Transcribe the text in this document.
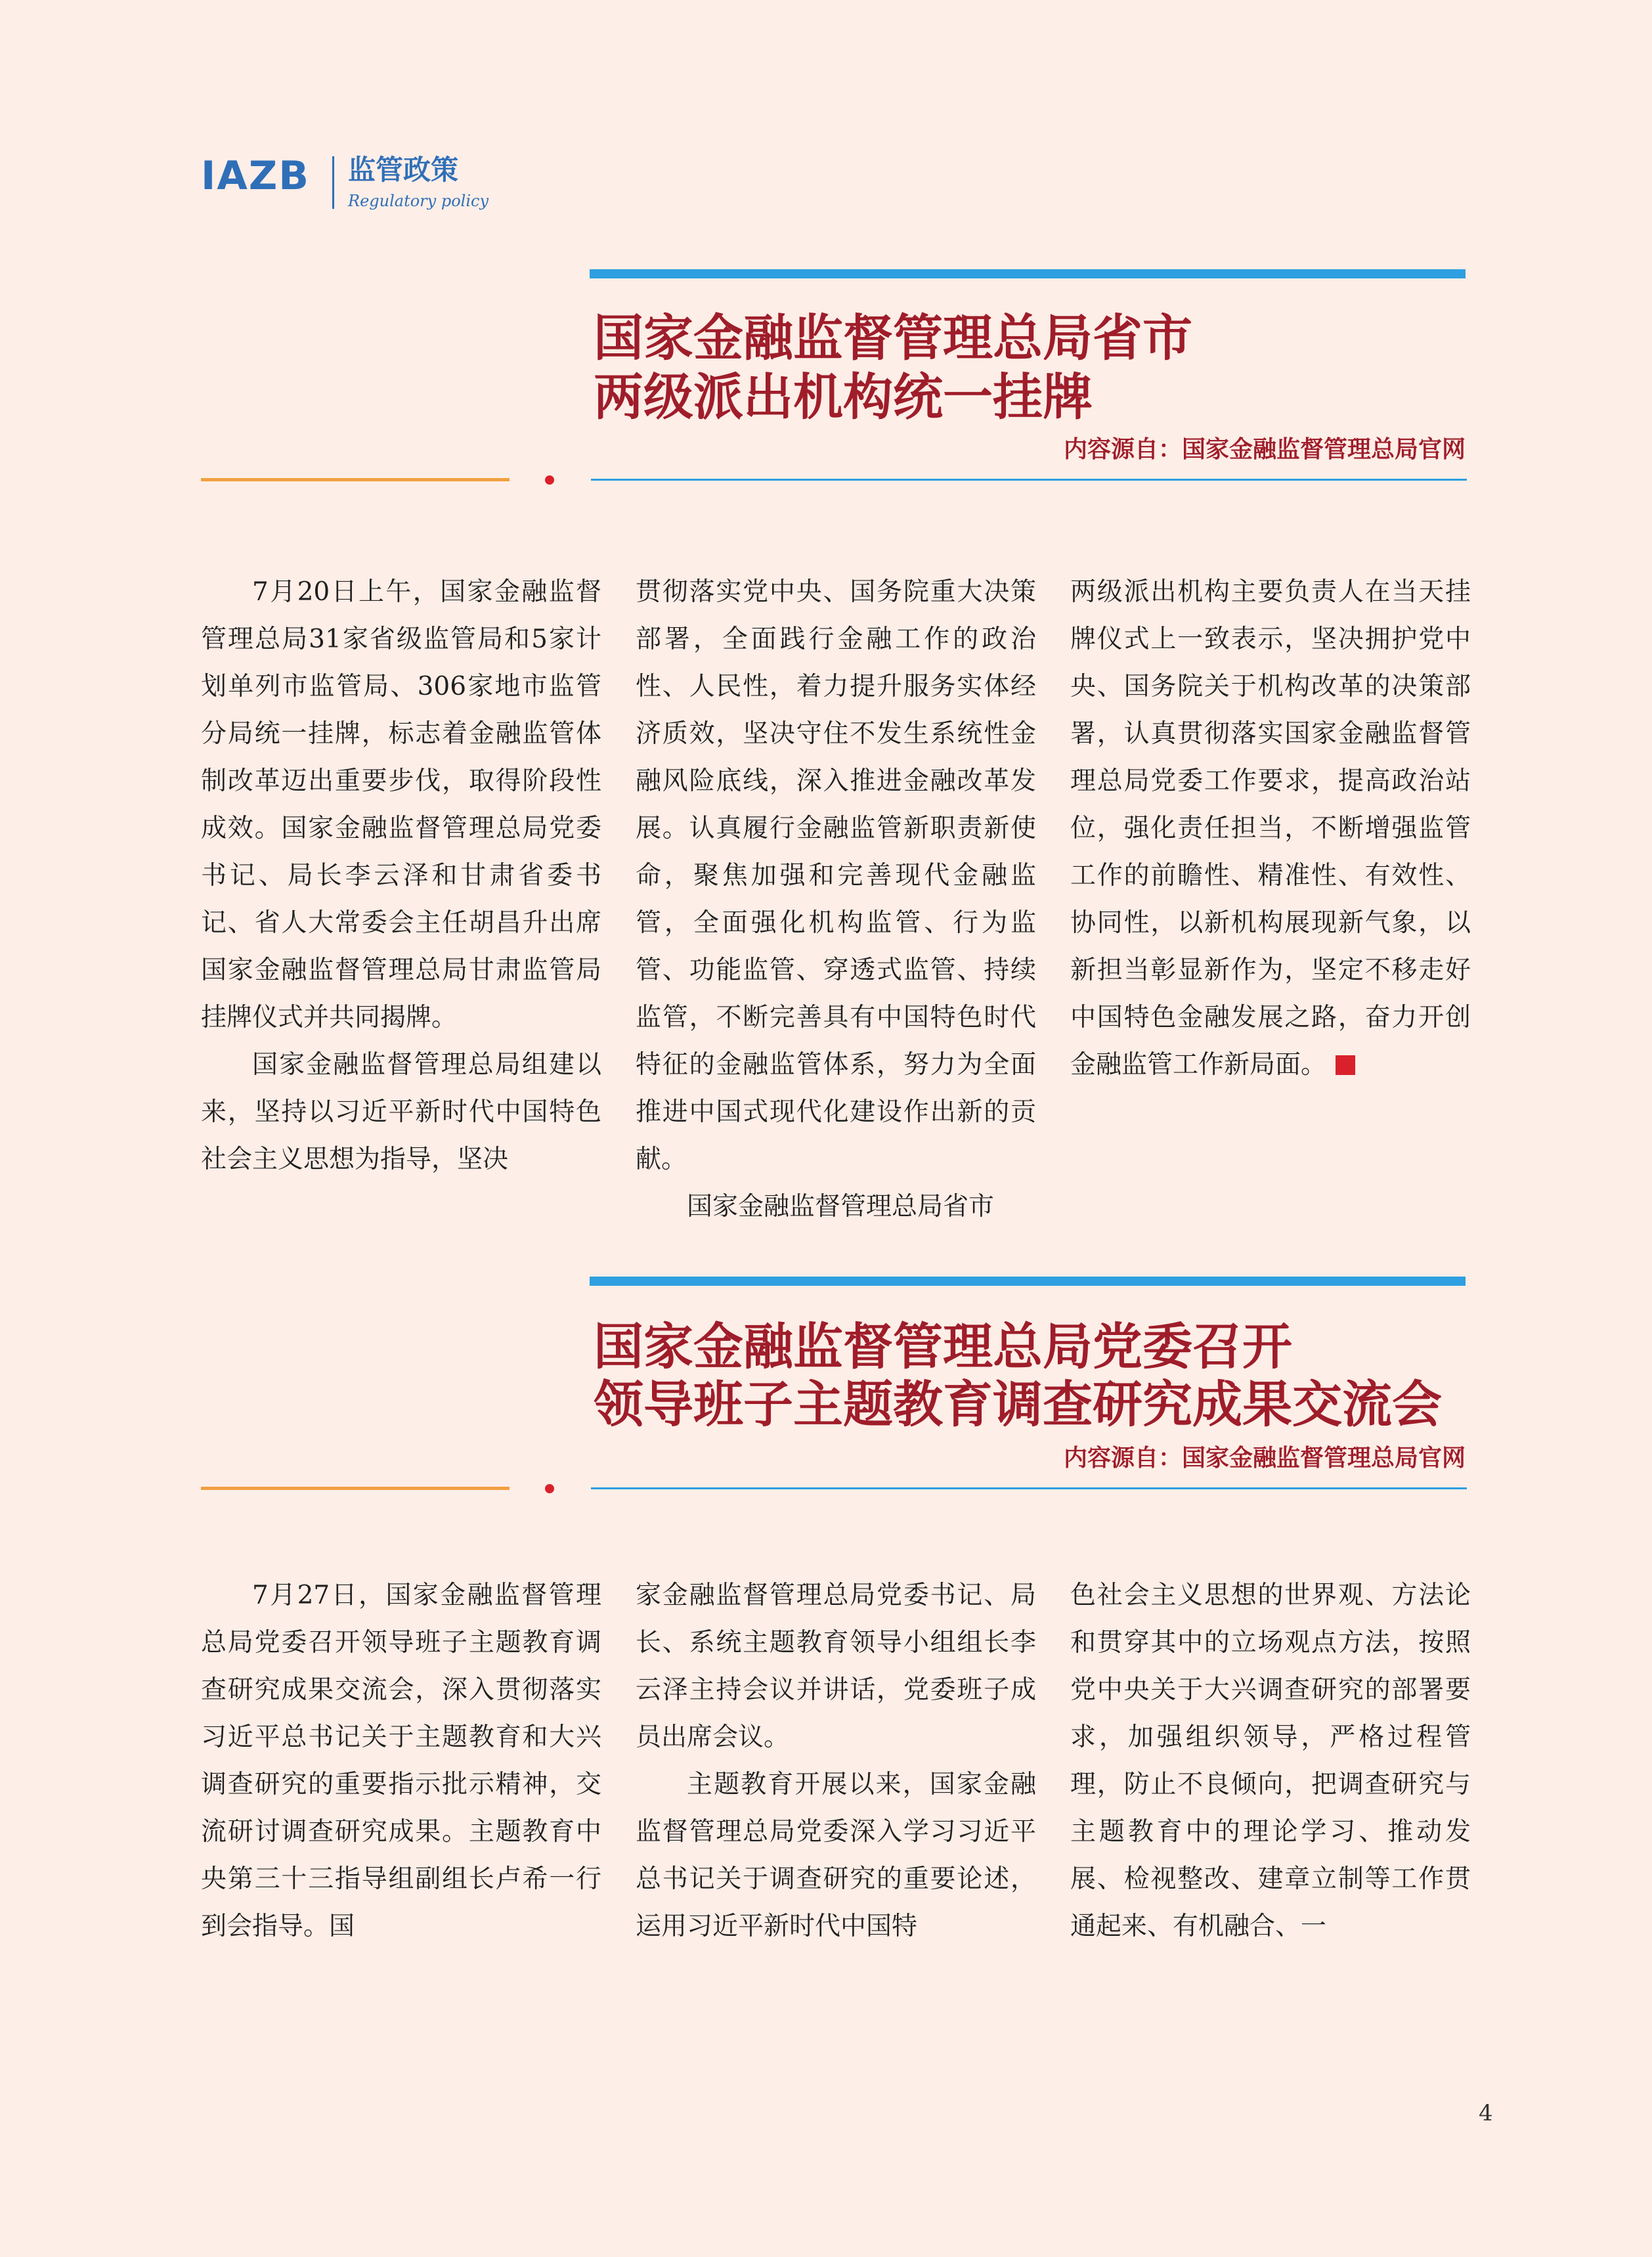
IAZB 监管政策
Regulatory policy
国家金融监督管理总局省市
两级派出机构统一挂牌
内容源自：国家金融监督管理总局官网

7月20日上午，国家金融监督管理总局31家省级监管局和5家计划单列市监管局、306家地市监管分局统一挂牌，标志着金融监管体制改革迈出重要步伐，取得阶段性成效。国家金融监督管理总局党委书记、局长李云泽和甘肃省委书记、省人大常委会主任胡昌升出席国家金融监督管理总局甘肃监管局挂牌仪式并共同揭牌。

国家金融监督管理总局组建以来，坚持以习近平新时代中国特色社会主义思想为指导，坚决

贯彻落实党中央、国务院重大决策部署，全面践行金融工作的政治性、人民性，着力提升服务实体经济质效，坚决守住不发生系统性金融风险底线，深入推进金融改革发展。认真履行金融监管新职责新使命，聚焦加强和完善现代金融监管，全面强化机构监管、行为监管、功能监管、穿透式监管、持续监管，不断完善具有中国特色时代特征的金融监管体系，努力为全面推进中国式现代化建设作出新的贡献。

国家金融监督管理总局省市

两级派出机构主要负责人在当天挂牌仪式上一致表示，坚决拥护党中央、国务院关于机构改革的决策部署，认真贯彻落实国家金融监督管理总局党委工作要求，提高政治站位，强化责任担当，不断增强监管工作的前瞻性、精准性、有效性、协同性，以新机构展现新气象，以新担当彰显新作为，坚定不移走好中国特色金融发展之路，奋力开创金融监管工作新局面。

国家金融监督管理总局党委召开
领导班子主题教育调查研究成果交流会
内容源自：国家金融监督管理总局官网

7月27日，国家金融监督管理总局党委召开领导班子主题教育调查研究成果交流会，深入贯彻落实习近平总书记关于主题教育和大兴调查研究的重要指示批示精神，交流研讨调查研究成果。主题教育中央第三十三指导组副组长卢希一行到会指导。国

家金融监督管理总局党委书记、局长、系统主题教育领导小组组长李云泽主持会议并讲话，党委班子成员出席会议。

主题教育开展以来，国家金融监督管理总局党委深入学习习近平总书记关于调查研究的重要论述，运用习近平新时代中国特

色社会主义思想的世界观、方法论和贯穿其中的立场观点方法，按照党中央关于大兴调查研究的部署要求，加强组织领导，严格过程管理，防止不良倾向，把调查研究与主题教育中的理论学习、推动发展、检视整改、建章立制等工作贯通起来、有机融合、一

4
